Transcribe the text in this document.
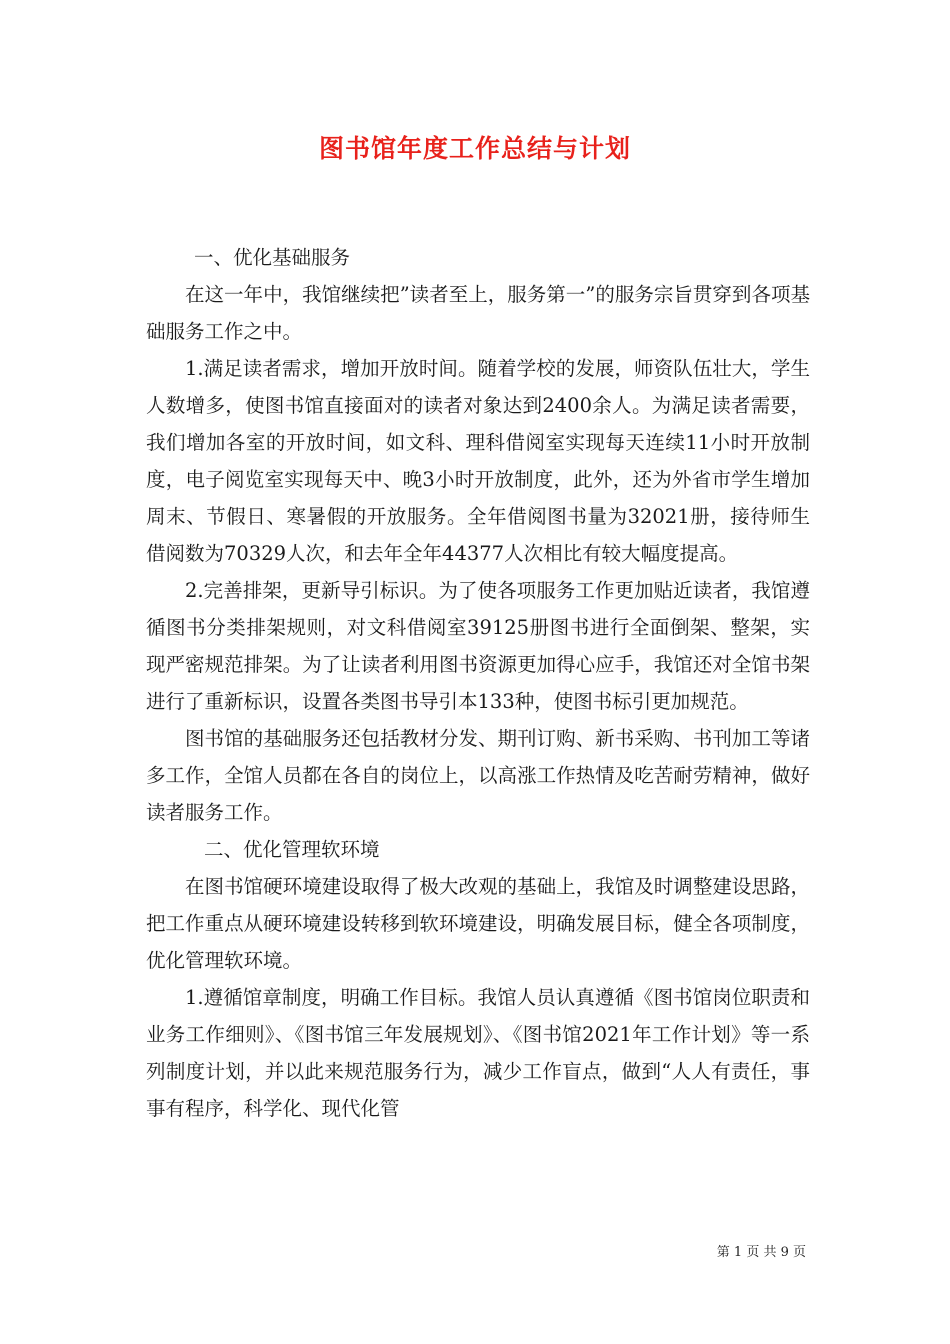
图书馆年度工作总结与计划

一、优化基础服务

在这一年中，我馆继续把”读者至上，服务第一”的服务宗旨贯穿到各项基础服务工作之中。

1.满足读者需求，增加开放时间。随着学校的发展，师资队伍壮大，学生人数增多，使图书馆直接面对的读者对象达到2400余人。为满足读者需要，我们增加各室的开放时间，如文科、理科借阅室实现每天连续11小时开放制度，电子阅览室实现每天中、晚3小时开放制度，此外，还为外省市学生增加周末、节假日、寒暑假的开放服务。全年借阅图书量为32021册，接待师生借阅数为70329人次，和去年全年44377人次相比有较大幅度提高。

2.完善排架，更新导引标识。为了使各项服务工作更加贴近读者，我馆遵循图书分类排架规则，对文科借阅室39125册图书进行全面倒架、整架，实现严密规范排架。为了让读者利用图书资源更加得心应手，我馆还对全馆书架进行了重新标识，设置各类图书导引本133种，使图书标引更加规范。

图书馆的基础服务还包括教材分发、期刊订购、新书采购、书刊加工等诸多工作，全馆人员都在各自的岗位上，以高涨工作热情及吃苦耐劳精神，做好读者服务工作。

二、优化管理软环境

在图书馆硬环境建设取得了极大改观的基础上，我馆及时调整建设思路，把工作重点从硬环境建设转移到软环境建设，明确发展目标，健全各项制度，优化管理软环境。

1.遵循馆章制度，明确工作目标。我馆人员认真遵循《图书馆岗位职责和业务工作细则》、《图书馆三年发展规划》、《图书馆2021年工作计划》等一系列制度计划，并以此来规范服务行为，减少工作盲点，做到“人人有责任，事事有程序，科学化、现代化管

第 1 页 共 9 页
